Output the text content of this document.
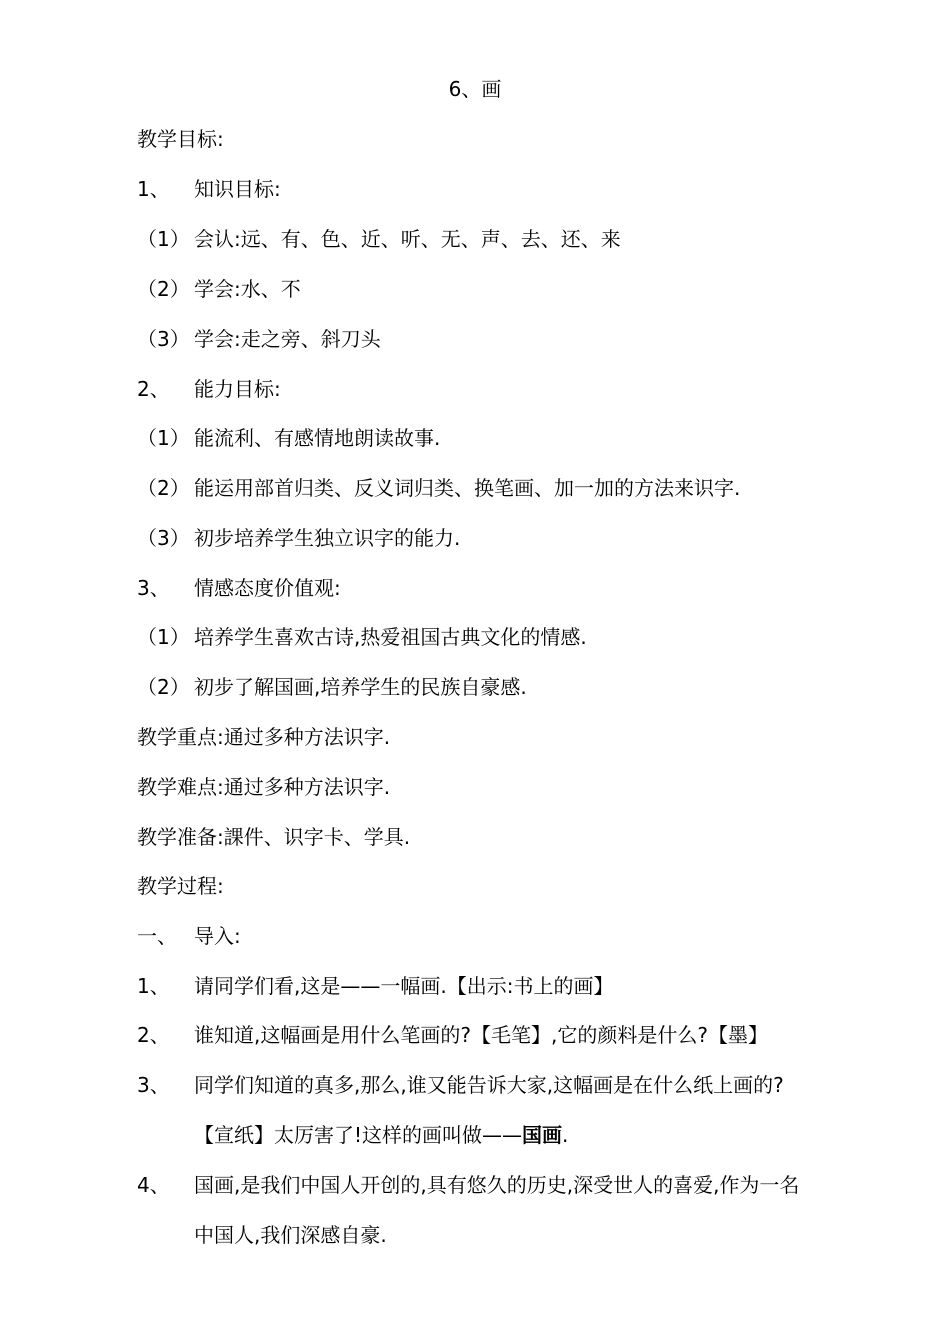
6、画
教学目标:
1、 知识目标:
（1） 会认:远、有、色、近、听、无、声、去、还、来
（2） 学会:水、不
（3） 学会:走之旁、斜刀头
2、 能力目标:
（1） 能流利、有感情地朗读故事.
（2） 能运用部首归类、反义词归类、换笔画、加一加的方法来识字.
（3） 初步培养学生独立识字的能力.
3、 情感态度价值观:
（1） 培养学生喜欢古诗,热爱祖国古典文化的情感.
（2） 初步了解国画,培养学生的民族自豪感.
教学重点:通过多种方法识字.
教学难点:通过多种方法识字.
教学准备:課件、识字卡、学具.
教学过程:
一、 导入:
1、 请同学们看,这是——一幅画.【出示:书上的画】
2、 谁知道,这幅画是用什么笔画的?【毛笔】,它的颜料是什么?【墨】
3、 同学们知道的真多,那么,谁又能告诉大家,这幅画是在什么纸上画的?
【宣纸】太厉害了!这样的画叫做——国画.
4、 国画,是我们中国人开创的,具有悠久的历史,深受世人的喜爱,作为一名
中国人,我们深感自豪.
